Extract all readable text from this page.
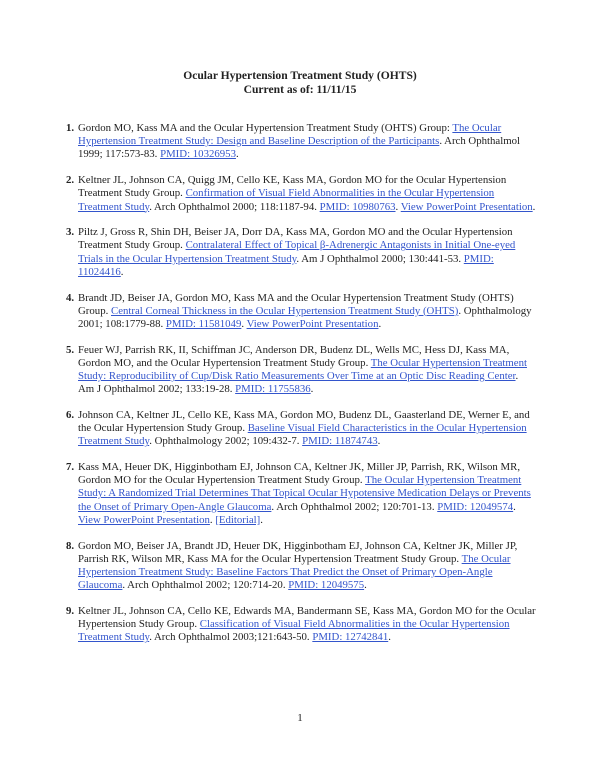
Ocular Hypertension Treatment Study (OHTS)
Current as of: 11/11/15
1. Gordon MO, Kass MA and the Ocular Hypertension Treatment Study (OHTS) Group: The Ocular Hypertension Treatment Study: Design and Baseline Description of the Participants. Arch Ophthalmol 1999; 117:573-83. PMID: 10326953.
2. Keltner JL, Johnson CA, Quigg JM, Cello KE, Kass MA, Gordon MO for the Ocular Hypertension Treatment Study Group. Confirmation of Visual Field Abnormalities in the Ocular Hypertension Treatment Study. Arch Ophthalmol 2000; 118:1187-94. PMID: 10980763. View PowerPoint Presentation.
3. Piltz J, Gross R, Shin DH, Beiser JA, Dorr DA, Kass MA, Gordon MO and the Ocular Hypertension Treatment Study Group. Contralateral Effect of Topical β-Adrenergic Antagonists in Initial One-eyed Trials in the Ocular Hypertension Treatment Study. Am J Ophthalmol 2000; 130:441-53. PMID: 11024416.
4. Brandt JD, Beiser JA, Gordon MO, Kass MA and the Ocular Hypertension Treatment Study (OHTS) Group. Central Corneal Thickness in the Ocular Hypertension Treatment Study (OHTS). Ophthalmology 2001; 108:1779-88. PMID: 11581049. View PowerPoint Presentation.
5. Feuer WJ, Parrish RK, II, Schiffman JC, Anderson DR, Budenz DL, Wells MC, Hess DJ, Kass MA, Gordon MO, and the Ocular Hypertension Treatment Study Group. The Ocular Hypertension Treatment Study: Reproducibility of Cup/Disk Ratio Measurements Over Time at an Optic Disc Reading Center. Am J Ophthalmol 2002; 133:19-28. PMID: 11755836.
6. Johnson CA, Keltner JL, Cello KE, Kass MA, Gordon MO, Budenz DL, Gaasterland DE, Werner E, and the Ocular Hypertension Study Group. Baseline Visual Field Characteristics in the Ocular Hypertension Treatment Study. Ophthalmology 2002; 109:432-7. PMID: 11874743.
7. Kass MA, Heuer DK, Higginbotham EJ, Johnson CA, Keltner JK, Miller JP, Parrish, RK, Wilson MR, Gordon MO for the Ocular Hypertension Treatment Study Group. The Ocular Hypertension Treatment Study: A Randomized Trial Determines That Topical Ocular Hypotensive Medication Delays or Prevents the Onset of Primary Open-Angle Glaucoma. Arch Ophthalmol 2002; 120:701-13. PMID: 12049574. View PowerPoint Presentation. [Editorial].
8. Gordon MO, Beiser JA, Brandt JD, Heuer DK, Higginbotham EJ, Johnson CA, Keltner JK, Miller JP, Parrish RK, Wilson MR, Kass MA for the Ocular Hypertension Treatment Study Group. The Ocular Hypertension Treatment Study: Baseline Factors That Predict the Onset of Primary Open-Angle Glaucoma. Arch Ophthalmol 2002; 120:714-20. PMID: 12049575.
9. Keltner JL, Johnson CA, Cello KE, Edwards MA, Bandermann SE, Kass MA, Gordon MO for the Ocular Hypertension Study Group. Classification of Visual Field Abnormalities in the Ocular Hypertension Treatment Study. Arch Ophthalmol 2003;121:643-50. PMID: 12742841.
1
